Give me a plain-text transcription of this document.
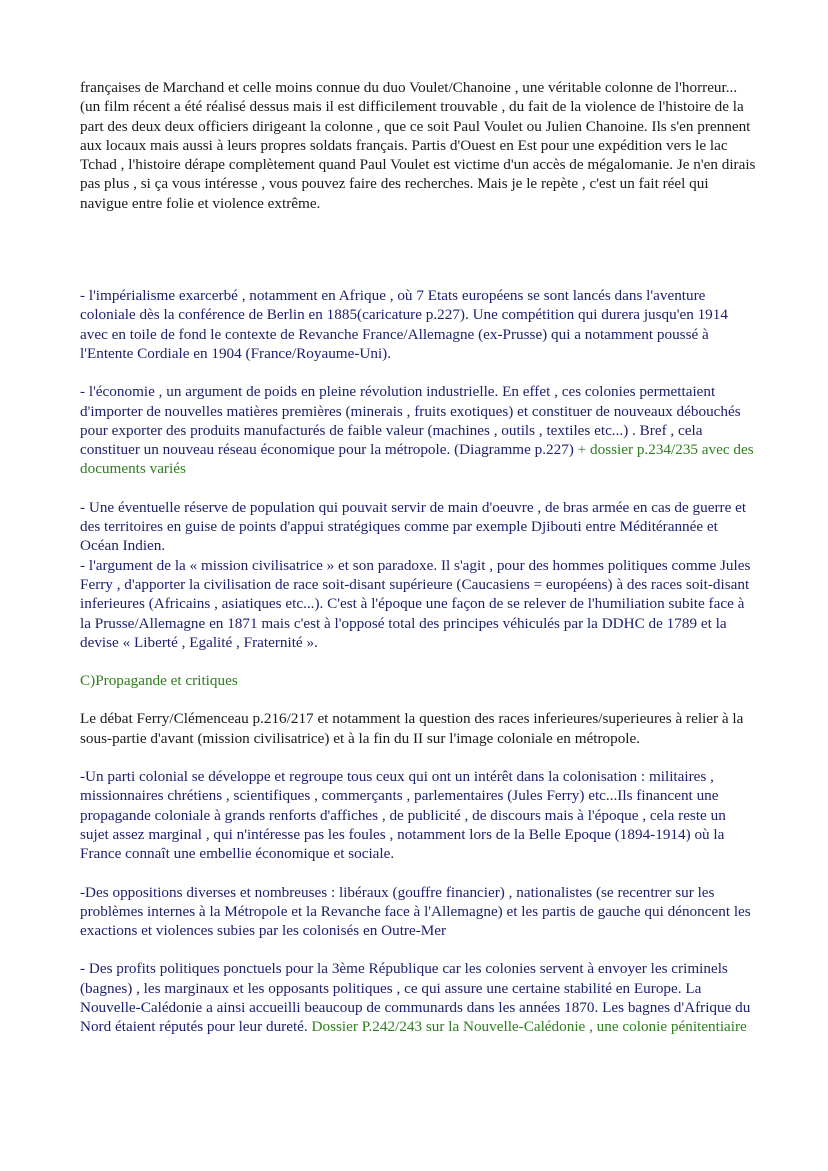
françaises de Marchand et celle moins connue du duo Voulet/Chanoine , une véritable colonne de l'horreur... (un film récent a été réalisé dessus mais il est difficilement trouvable , du fait de la violence de l'histoire de la part des deux deux officiers dirigeant la colonne , que ce soit Paul Voulet ou Julien Chanoine. Ils s'en prennent aux locaux mais aussi à leurs propres soldats français. Partis d'Ouest en Est pour une expédition vers le lac Tchad , l'histoire dérape complètement quand Paul Voulet est victime d'un accès de mégalomanie. Je n'en dirais pas plus , si ça vous intéresse , vous pouvez faire des recherches. Mais je le repète , c'est un fait réel qui navigue entre folie et violence extrême.

- l'impérialisme exarcerbé , notamment en Afrique , où 7 Etats européens se sont lancés dans l'aventure coloniale dès la conférence de Berlin en 1885(caricature p.227). Une compétition qui durera jusqu'en 1914 avec en toile de fond le contexte de Revanche France/Allemagne (ex-Prusse) qui a notamment poussé à l'Entente Cordiale en 1904 (France/Royaume-Uni).

- l'économie , un argument de poids en pleine révolution industrielle. En effet , ces colonies permettaient d'importer de nouvelles matières premières (minerais , fruits exotiques) et constituer de nouveaux débouchés pour exporter des produits manufacturés de faible valeur (machines , outils , textiles etc...) . Bref , cela constituer un nouveau réseau économique pour la métropole. (Diagramme p.227) + dossier p.234/235 avec des documents variés

- Une éventuelle réserve de population qui pouvait servir de main d'oeuvre , de bras armée en cas de guerre et des territoires en guise de points d'appui stratégiques comme par exemple Djibouti entre Méditérannée et Océan Indien.

- l'argument de la « mission civilisatrice » et son paradoxe. Il s'agit , pour des hommes politiques comme Jules Ferry , d'apporter la civilisation de race soit-disant supérieure (Caucasiens = européens) à des races soit-disant inferieures (Africains , asiatiques etc...). C'est à l'époque une façon de se relever de l'humiliation subite face à la Prusse/Allemagne en 1871 mais c'est à l'opposé total des principes véhiculés par la DDHC de 1789 et la devise « Liberté , Egalité , Fraternité ».

C)Propagande et critiques

Le débat Ferry/Clémenceau p.216/217 et notamment la question des races inferieures/superieures à relier à la sous-partie d'avant (mission civilisatrice) et à la fin du II sur l'image coloniale en métropole.

-Un parti colonial se développe et regroupe tous ceux qui ont un intérêt dans la colonisation : militaires , missionnaires chrétiens , scientifiques , commerçants , parlementaires (Jules Ferry) etc...Ils financent une propagande coloniale à grands renforts d'affiches , de publicité , de discours mais à l'époque , cela reste un sujet assez marginal , qui n'intéresse pas les foules , notamment lors de la Belle Epoque (1894-1914) où la France connaît une embellie économique et sociale.

-Des oppositions diverses et nombreuses : libéraux (gouffre financier) , nationalistes (se recentrer sur les problèmes internes à la Métropole et la Revanche face à l'Allemagne) et les partis de gauche qui dénoncent les exactions et violences subies par les colonisés en Outre-Mer

- Des profits politiques ponctuels pour la 3ème République car les colonies servent à envoyer les criminels (bagnes) , les marginaux et les opposants politiques , ce qui assure une certaine stabilité en Europe. La Nouvelle-Calédonie a ainsi accueilli beaucoup de communards dans les années 1870. Les bagnes d'Afrique du Nord étaient réputés pour leur dureté. Dossier P.242/243 sur la Nouvelle-Calédonie , une colonie pénitentiaire
